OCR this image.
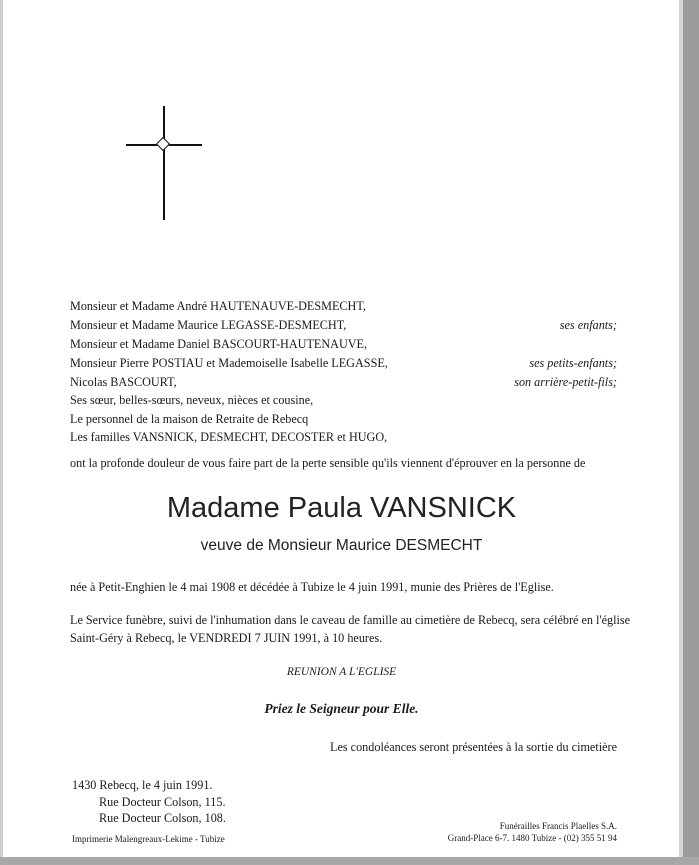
Monsieur et Madame André HAUTENAUVE-DESMECHT,
Monsieur et Madame Maurice LEGASSE-DESMECHT,
Monsieur et Madame Daniel BASCOURT-HAUTENAUVE,
Monsieur Pierre POSTIAU et Mademoiselle Isabelle LEGASSE,
Nicolas BASCOURT,
Ses sœur, belles-sœurs, neveux, nièces et cousine,
Le personnel de la maison de Retraite de Rebecq
Les familles VANSNICK, DESMECHT, DECOSTER et HUGO,
ses enfants;
ses petits-enfants;
son arrière-petit-fils;
ont la profonde douleur de vous faire part de la perte sensible qu'ils viennent d'éprouver en la personne de
Madame Paula VANSNICK
veuve de Monsieur Maurice DESMECHT
née à Petit-Enghien le 4 mai 1908 et décédée à Tubize le 4 juin 1991, munie des Prières de l'Eglise.
Le Service funèbre, suivi de l'inhumation dans le caveau de famille au cimetière de Rebecq, sera célébré en l'église
Saint-Géry à Rebecq, le VENDREDI 7 JUIN 1991, à 10 heures.
REUNION A L'EGLISE
Priez le Seigneur pour Elle.
Les condoléances seront présentées à la sortie du cimetière
1430 Rebecq, le 4 juin 1991.
Rue Docteur Colson, 115.
Rue Docteur Colson, 108.
Imprimerie Malengreaux-Lekime - Tubize
Funérailles Francis Plaelles S.A.
Grand-Place 6-7. 1480 Tubize - (02) 355 51 94
